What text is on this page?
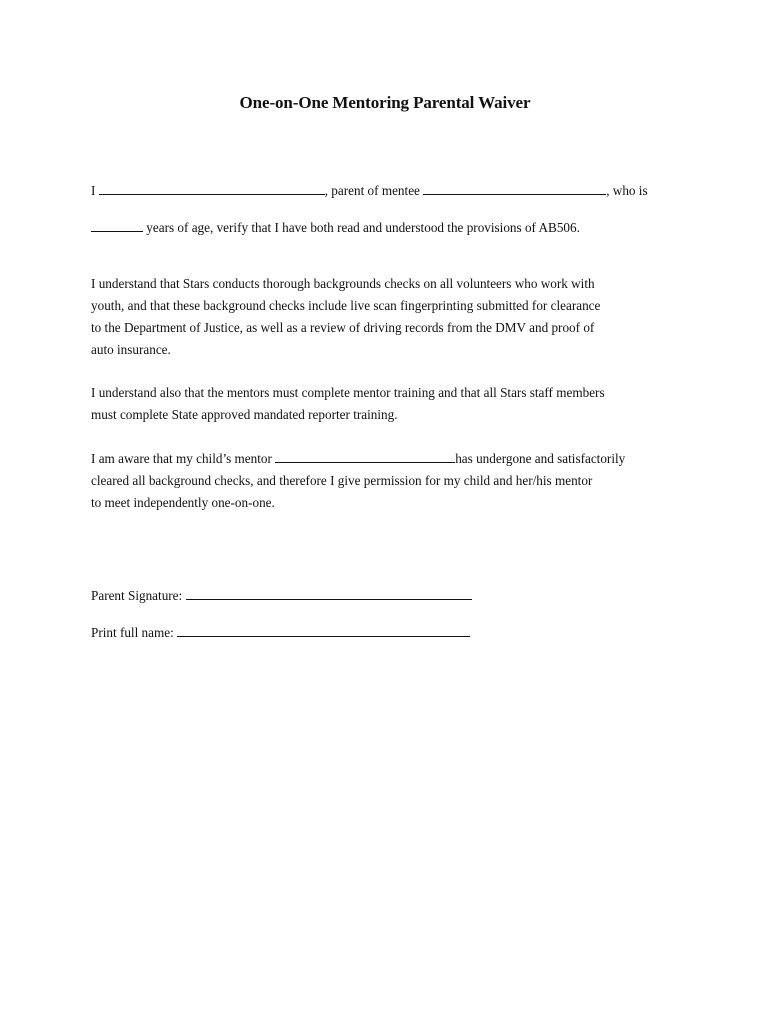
One-on-One Mentoring Parental Waiver
I	, parent of mentee	, who is
years of age, verify that I have both read and understood the provisions of AB506.
I understand that Stars conducts thorough backgrounds checks on all volunteers who work with
youth, and that these background checks include live scan fingerprinting submitted for clearance
to the Department of Justice, as well as a review of driving records from the DMV and proof of
auto insurance.
I understand also that the mentors must complete mentor training and that all Stars staff members
must complete State approved mandated reporter training.
I am aware that my child’s mentor	has undergone and satisfactorily
cleared all background checks, and therefore I give permission for my child and her/his mentor
to meet independently one-on-one.
Parent Signature:
Print full name:
